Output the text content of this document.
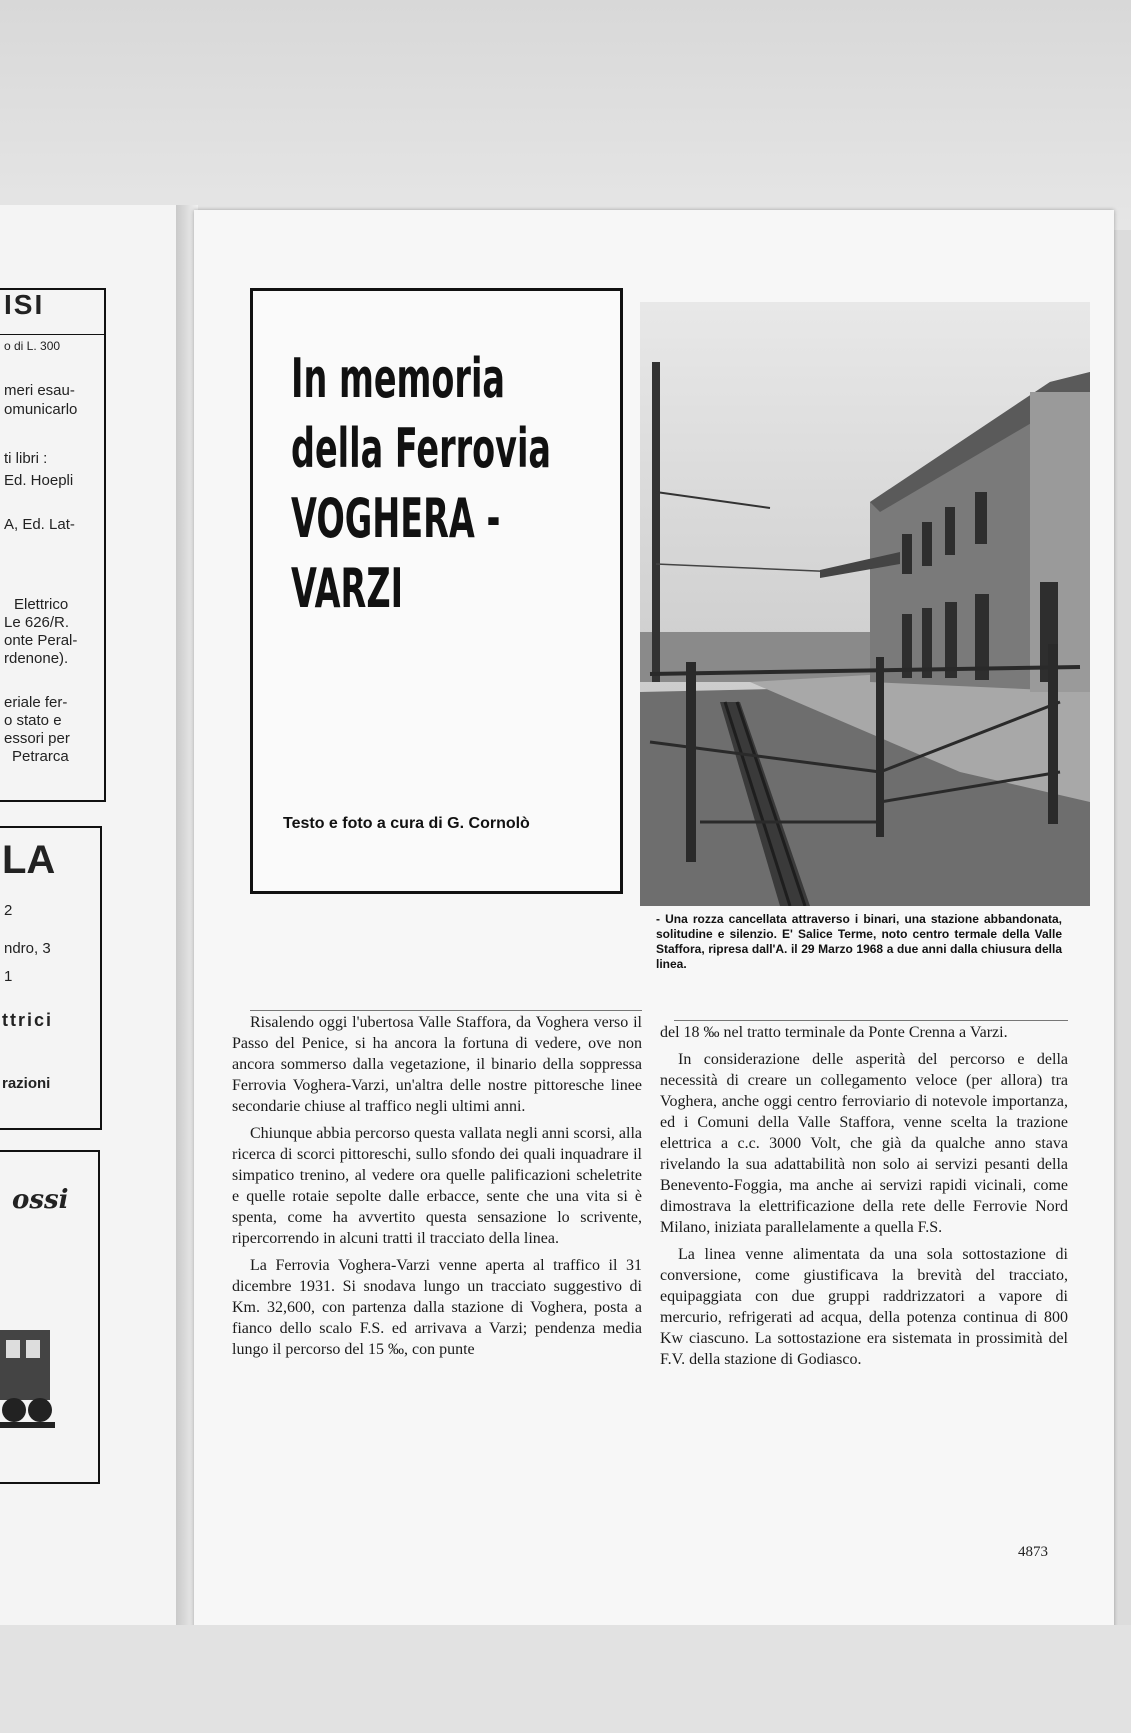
ISI
o di L. 300
meri esau-
omunicarlo
ti libri :
Ed. Hoepli
A, Ed. Lat-
Elettrico
Le 626/R.
onte Peral-
rdenone).
eriale fer-
o stato e
essori per
Petrarca
LA
2
ndro, 3
1
ttrici
razioni
ossi
In memoria
della Ferrovia
VOGHERA -
VARZI
Testo e foto a cura di G. Cornolò
- Una rozza cancellata attraverso i binari, una stazione abbandonata, solitudine e silenzio. E' Salice Terme, noto centro termale della Valle Staffora, ripresa dall'A. il 29 Marzo 1968 a due anni dalla chiusura della linea.

Risalendo oggi l'ubertosa Valle Staffora, da Voghera verso il Passo del Penice, si ha ancora la fortuna di vedere, ove non ancora sommerso dalla vegetazione, il binario della soppressa Ferrovia Voghera-Varzi, un'altra delle nostre pittoresche linee secondarie chiuse al traffico negli ultimi anni.

Chiunque abbia percorso questa vallata negli anni scorsi, alla ricerca di scorci pittoreschi, sullo sfondo dei quali inquadrare il simpatico trenino, al vedere ora quelle palificazioni scheletrite e quelle rotaie sepolte dalle erbacce, sente che una vita si è spenta, come ha avvertito questa sensazione lo scrivente, ripercorrendo in alcuni tratti il tracciato della linea.

La Ferrovia Voghera-Varzi venne aperta al traffico il 31 dicembre 1931. Si snodava lungo un tracciato suggestivo di Km. 32,600, con partenza dalla stazione di Voghera, posta a fianco dello scalo F.S. ed arrivava a Varzi; pendenza media lungo il percorso del 15 ‰, con punte

del 18 ‰ nel tratto terminale da Ponte Crenna a Varzi.

In considerazione delle asperità del percorso e della necessità di creare un collegamento veloce (per allora) tra Voghera, anche oggi centro ferroviario di notevole importanza, ed i Comuni della Valle Staffora, venne scelta la trazione elettrica a c.c. 3000 Volt, che già da qualche anno stava rivelando la sua adattabilità non solo ai servizi pesanti della Benevento-Foggia, ma anche ai servizi rapidi vicinali, come dimostrava la elettrificazione della rete delle Ferrovie Nord Milano, iniziata parallelamente a quella F.S.

La linea venne alimentata da una sola sottostazione di conversione, come giustificava la brevità del tracciato, equipaggiata con due gruppi raddrizzatori a vapore di mercurio, refrigerati ad acqua, della potenza continua di 800 Kw ciascuno. La sottostazione era sistemata in prossimità del F.V. della stazione di Godiasco.

4873
